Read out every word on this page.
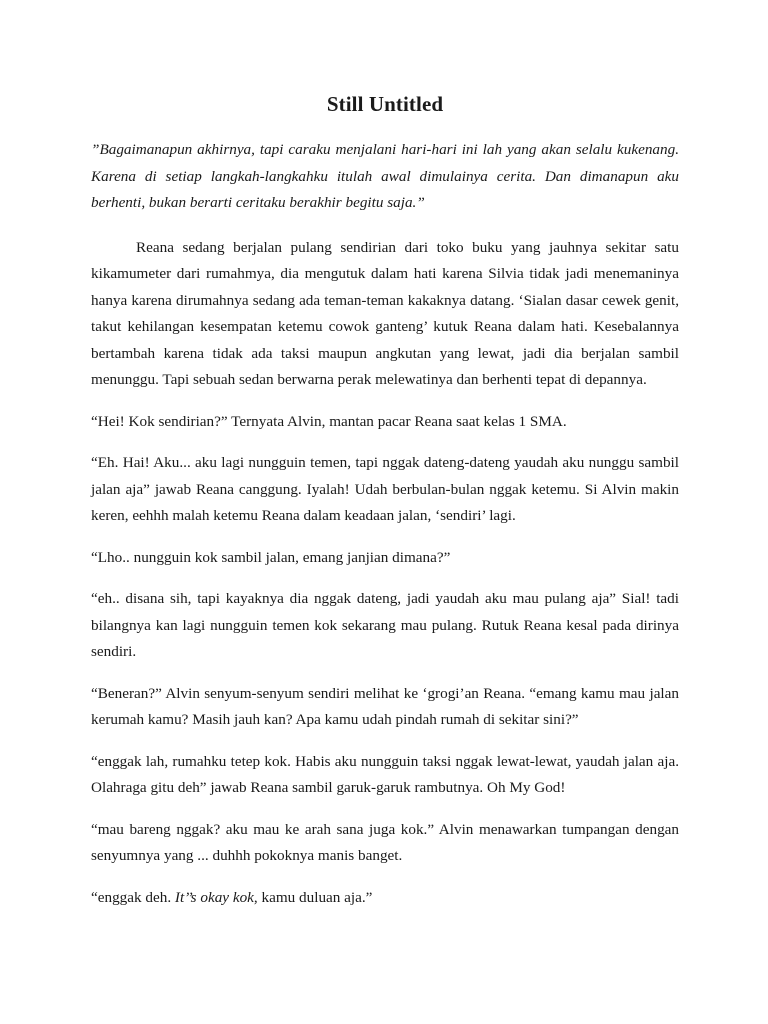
Still Untitled

”Bagaimanapun akhirnya, tapi caraku menjalani hari-hari ini lah yang akan selalu kukenang. Karena di setiap langkah-langkahku itulah awal dimulainya cerita. Dan dimanapun aku berhenti, bukan berarti ceritaku berakhir begitu saja.”

Reana sedang berjalan pulang sendirian dari toko buku yang jauhnya sekitar satu kikamumeter dari rumahmya, dia mengutuk dalam hati karena Silvia tidak jadi menemaninya hanya karena dirumahnya sedang ada teman-teman kakaknya datang. ‘Sialan dasar cewek genit, takut kehilangan kesempatan ketemu cowok ganteng’ kutuk Reana dalam hati. Kesebalannya bertambah karena tidak ada taksi maupun angkutan yang lewat, jadi dia berjalan sambil menunggu. Tapi sebuah sedan berwarna perak melewatinya dan berhenti tepat di depannya.

“Hei! Kok sendirian?” Ternyata Alvin, mantan pacar Reana saat kelas 1 SMA.

“Eh. Hai! Aku... aku lagi nungguin temen, tapi nggak dateng-dateng yaudah aku nunggu sambil jalan aja” jawab Reana canggung. Iyalah! Udah berbulan-bulan nggak ketemu. Si Alvin makin keren, eehhh malah ketemu Reana dalam keadaan jalan, ‘sendiri’ lagi.

“Lho.. nungguin kok sambil jalan, emang janjian dimana?”

“eh.. disana sih, tapi kayaknya dia nggak dateng, jadi yaudah aku mau pulang aja” Sial! tadi bilangnya kan lagi nungguin temen kok sekarang mau pulang. Rutuk Reana kesal pada dirinya sendiri.

“Beneran?” Alvin senyum-senyum sendiri melihat ke ‘grogi’an Reana. “emang kamu mau jalan kerumah kamu? Masih jauh kan? Apa kamu udah pindah rumah di sekitar sini?”

“enggak lah, rumahku tetep kok. Habis aku nungguin taksi nggak lewat-lewat, yaudah jalan aja. Olahraga gitu deh” jawab Reana sambil garuk-garuk rambutnya. Oh My God!

“mau bareng nggak? aku mau ke arah sana juga kok.” Alvin menawarkan tumpangan dengan senyumnya yang ... duhhh pokoknya manis banget.

“enggak deh. It’’s okay kok, kamu duluan aja.”
